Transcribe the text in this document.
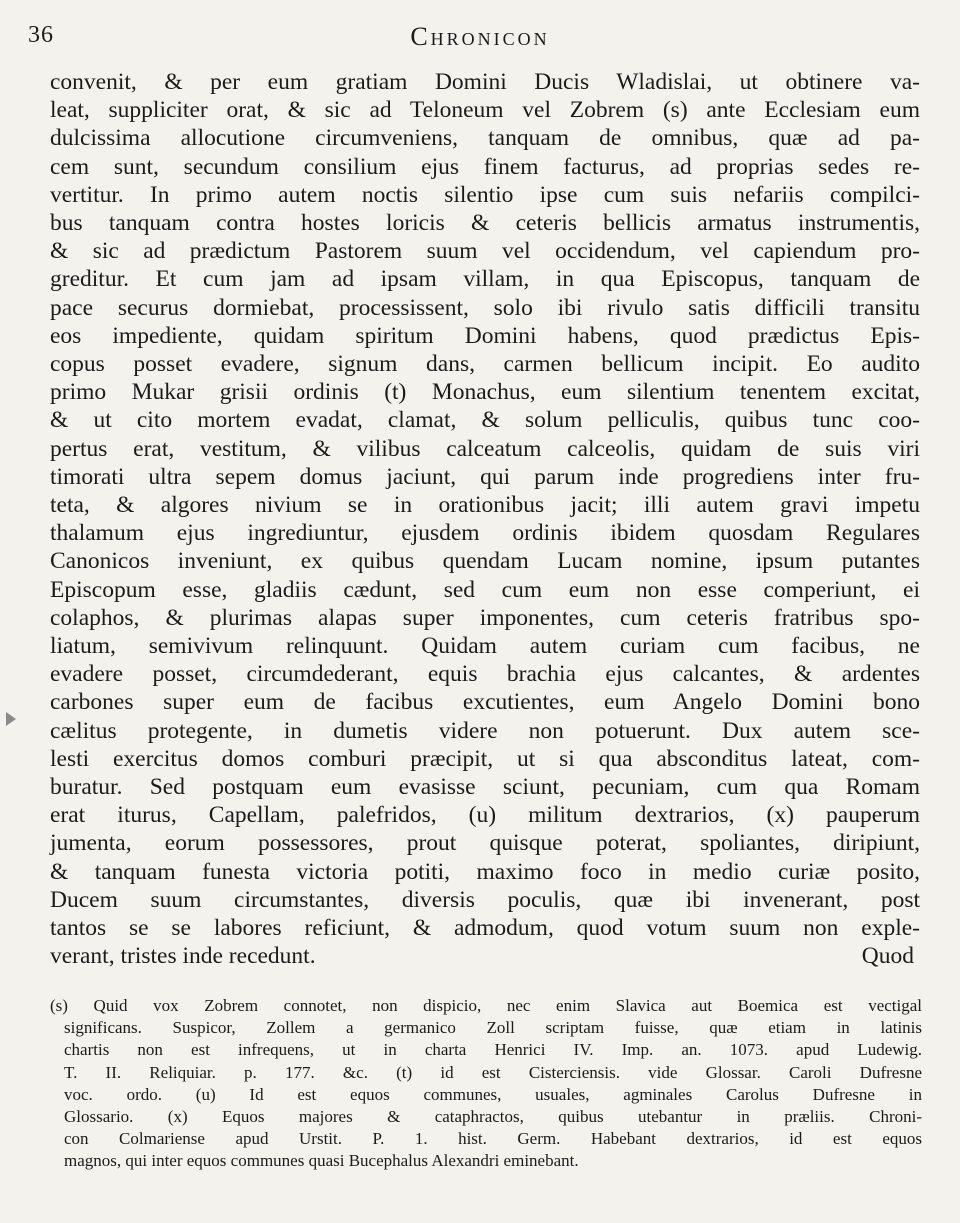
36	Chronicon
convenit, & per eum gratiam Domini Ducis Wladislai, ut obtinere va-
leat, suppliciter orat, & sic ad Teloneum vel Zobrem (s) ante Ecclesiam eum
dulcissima allocutione circumveniens, tanquam de omnibus, quæ ad pa-
cem sunt, secundum consilium ejus finem facturus, ad proprias sedes re-
vertitur. In primo autem noctis silentio ipse cum suis nefariis compilci-
bus tanquam contra hostes loricis & ceteris bellicis armatus instrumentis,
& sic ad prædictum Pastorem suum vel occidendum, vel capiendum pro-
greditur. Et cum jam ad ipsam villam, in qua Episcopus, tanquam de
pace securus dormiebat, processissent, solo ibi rivulo satis difficili transitu
eos impediente, quidam spiritum Domini habens, quod prædictus Epis-
copus posset evadere, signum dans, carmen bellicum incipit. Eo audito
primo Mukar grisii ordinis (t) Monachus, eum silentium tenentem excitat,
& ut cito mortem evadat, clamat, & solum pelliculis, quibus tunc coo-
pertus erat, vestitum, & vilibus calceatum calceolis, quidam de suis viri
timorati ultra sepem domus jaciunt, qui parum inde progrediens inter fru-
teta, & algores nivium se in orationibus jacit; illi autem gravi impetu
thalamum ejus ingrediuntur, ejusdem ordinis ibidem quosdam Regulares
Canonicos inveniunt, ex quibus quendam Lucam nomine, ipsum putantes
Episcopum esse, gladiis cædunt, sed cum eum non esse comperiunt, ei
colaphos, & plurimas alapas super imponentes, cum ceteris fratribus spo-
liatum, semivivum relinquunt. Quidam autem curiam cum facibus, ne
evadere posset, circumdederant, equis brachia ejus calcantes, & ardentes
carbones super eum de facibus excutientes, eum Angelo Domini bono
cælitus protegente, in dumetis videre non potuerunt. Dux autem sce-
lesti exercitus domos comburi præcipit, ut si qua absconditus lateat, com-
buratur. Sed postquam eum evasisse sciunt, pecuniam, cum qua Romam
erat iturus, Capellam, palefridos, (u) militum dextrarios, (x) pauperum
jumenta, eorum possessores, prout quisque poterat, spoliantes, diripiunt,
& tanquam funesta victoria potiti, maximo foco in medio curiæ posito,
Ducem suum circumstantes, diversis poculis, quæ ibi invenerant, post
tantos se se labores reficiunt, & admodum, quod votum suum non exple-
verant, tristes inde recedunt.	Quod
(s) Quid vox Zobrem connotet, non dispicio, nec enim Slavica aut Boemica est vectigal
significans. Suspicor, Zollem a germanico Zoll scriptam fuisse, quæ etiam in latinis
chartis non est infrequens, ut in charta Henrici IV. Imp. an. 1073. apud Ludewig.
T. II. Reliquiar. p. 177. &c. (t) id est Cisterciensis. vide Glossar. Caroli Dufresne
voc. ordo. (u) Id est equos communes, usuales, agminales Carolus Dufresne in
Glossario. (x) Equos majores & cataphractos, quibus utebantur in præliis. Chroni-
con Colmariense apud Urstit. P. 1. hist. Germ. Habebant dextrarios, id est equos
magnos, qui inter equos communes quasi Bucephalus Alexandri eminebant.
